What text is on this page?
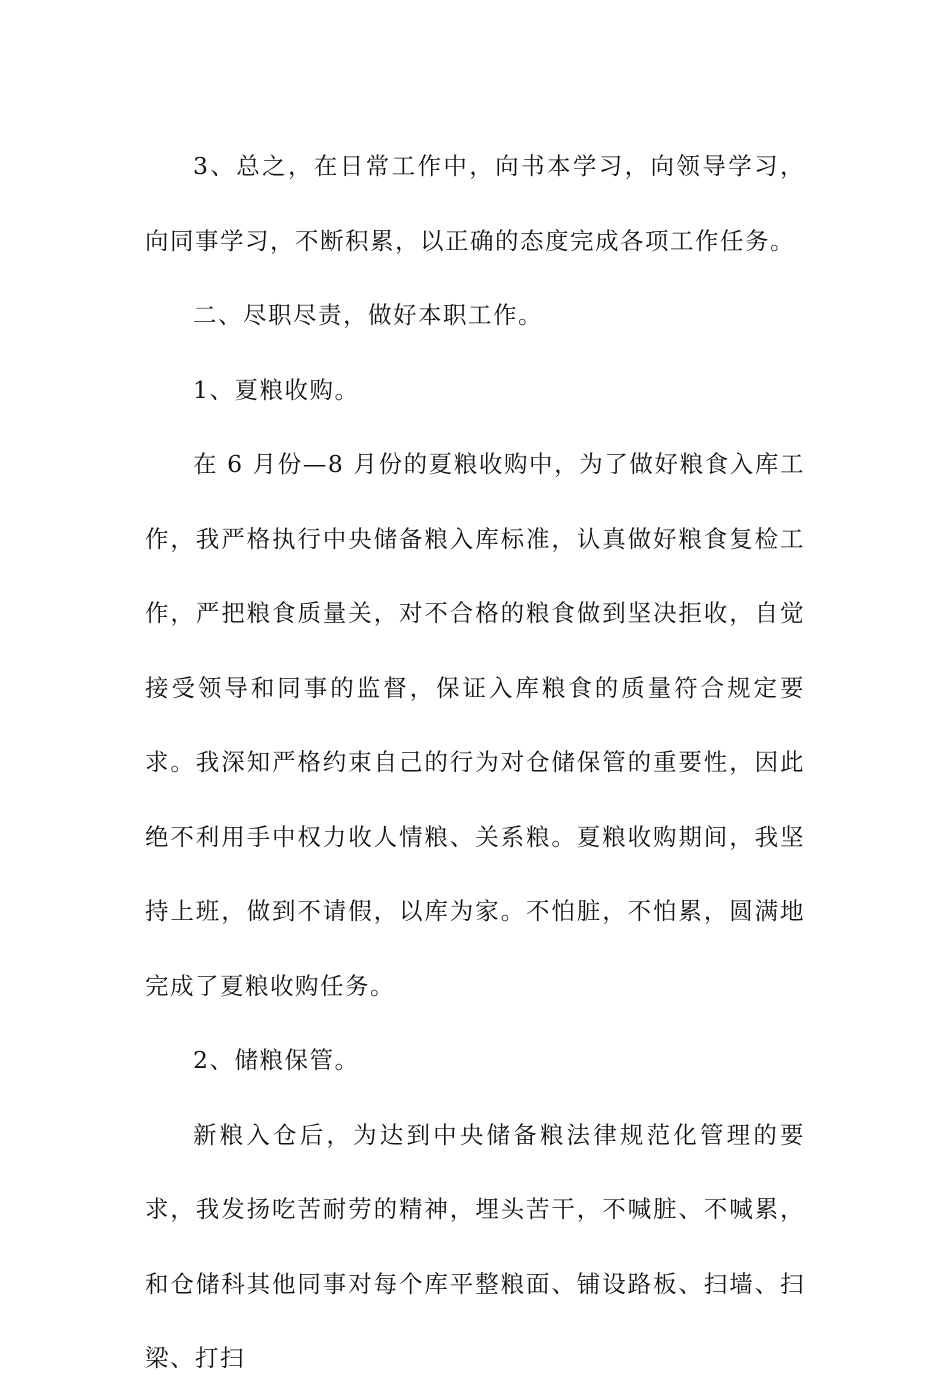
3、总之，在日常工作中，向书本学习，向领导学习，向同事学习，不断积累，以正确的态度完成各项工作任务。

二、尽职尽责，做好本职工作。

1、夏粮收购。

在 6 月份—8 月份的夏粮收购中，为了做好粮食入库工作，我严格执行中央储备粮入库标准，认真做好粮食复检工作，严把粮食质量关，对不合格的粮食做到坚决拒收，自觉接受领导和同事的监督，保证入库粮食的质量符合规定要求。我深知严格约束自己的行为对仓储保管的重要性，因此绝不利用手中权力收人情粮、关系粮。夏粮收购期间，我坚持上班，做到不请假，以库为家。不怕脏，不怕累，圆满地完成了夏粮收购任务。

2、储粮保管。

新粮入仓后，为达到中央储备粮法律规范化管理的要求，我发扬吃苦耐劳的精神，埋头苦干，不喊脏、不喊累，和仓储科其他同事对每个库平整粮面、铺设路板、扫墙、扫梁、打扫
